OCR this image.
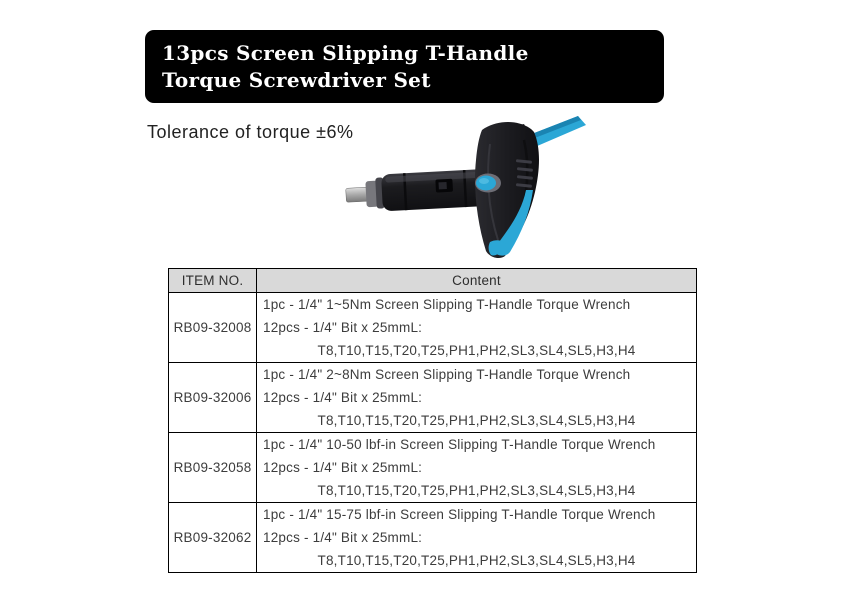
13pcs Screen Slipping T-Handle
Torque Screwdriver Set
Tolerance of torque ±6%
ITEM NO.	Content
RB09-32008	1pc - 1/4" 1~5Nm Screen Slipping T-Handle Torque Wrench
12pcs - 1/4" Bit x 25mmL:
T8,T10,T15,T20,T25,PH1,PH2,SL3,SL4,SL5,H3,H4

RB09-32006	1pc - 1/4" 2~8Nm Screen Slipping T-Handle Torque Wrench
12pcs - 1/4" Bit x 25mmL:
T8,T10,T15,T20,T25,PH1,PH2,SL3,SL4,SL5,H3,H4

RB09-32058	1pc - 1/4" 10-50 lbf-in Screen Slipping T-Handle Torque Wrench
12pcs - 1/4" Bit x 25mmL:
T8,T10,T15,T20,T25,PH1,PH2,SL3,SL4,SL5,H3,H4

RB09-32062	1pc - 1/4" 15-75 lbf-in Screen Slipping T-Handle Torque Wrench
12pcs - 1/4" Bit x 25mmL:
T8,T10,T15,T20,T25,PH1,PH2,SL3,SL4,SL5,H3,H4
